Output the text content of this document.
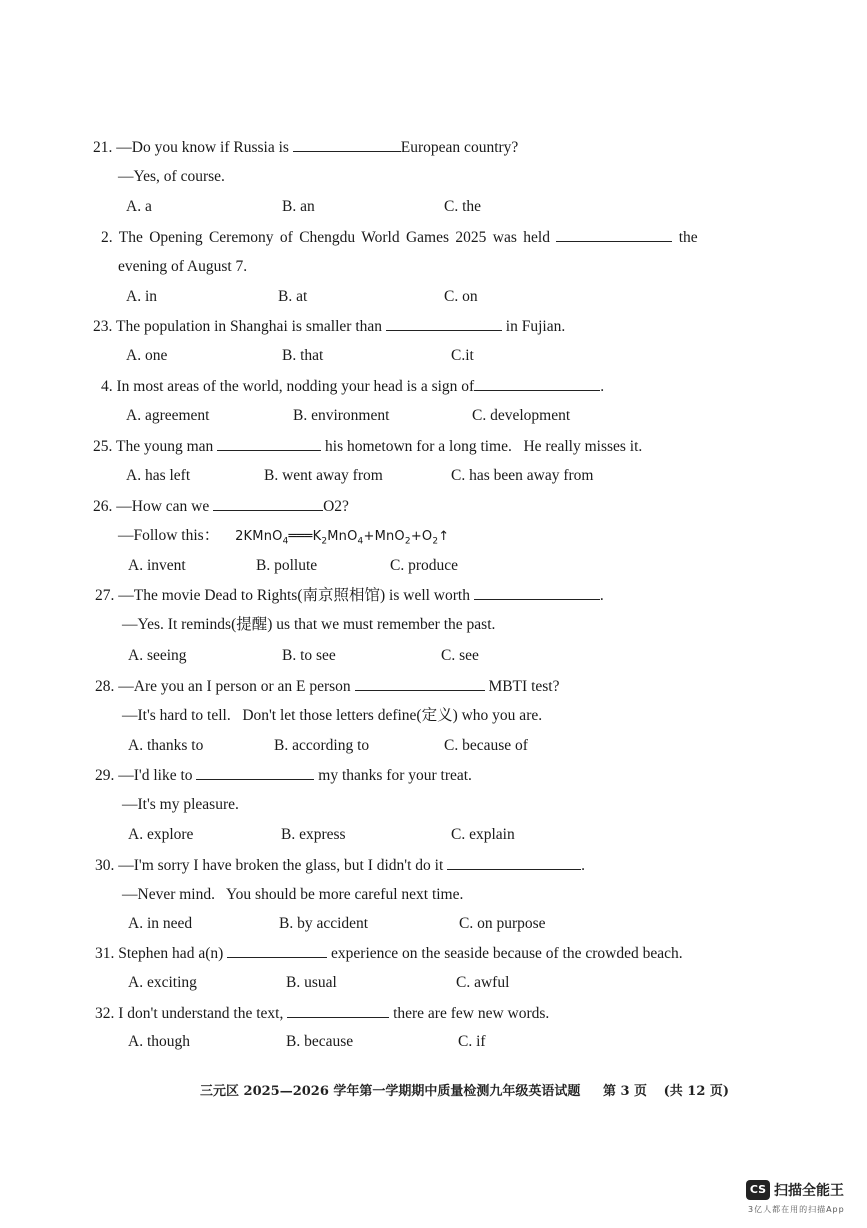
21. —Do you know if Russia is	European country?
—Yes, of course.
A. a	B. an	C. the
2. The Opening Ceremony of Chengdu World Games 2025 was held	the
evening of August 7.
A. in	B. at	C. on
23. The population in Shanghai is smaller than	in Fujian.
A. one	B. that	C.it
4. In most areas of the world, nodding your head is a sign of	.
A. agreement	B. environment	C. development
25. The young man	his hometown for a long time.   He really misses it.
A. has left	B. went away from	C. has been away from
26. —How can we	O2?
—Follow this： $2KMnO_4═══K_2MnO_4+MnO_2+O_2↑$
A. invent	B. pollute	C. produce
27. —The movie Dead to Rights(南京照相馆) is well worth	.
—Yes. It reminds(提醒) us that we must remember the past.
A. seeing	B. to see	C. see
28. —Are you an I person or an E person	MBTI test?
—It's hard to tell.   Don't let those letters define(定义) who you are.
A. thanks to	B. according to	C. because of
29. —I'd like to	my thanks for your treat.
—It's my pleasure.
A. explore	B. express	C. explain
30. —I'm sorry I have broken the glass, but I didn't do it	.
—Never mind.   You should be more careful next time.
A. in need	B. by accident	C. on purpose
31. Stephen had a(n)	experience on the seaside because of the crowded beach.
A. exciting	B. usual	C. awful
32. I don't understand the text,	there are few new words.
A. though	B. because	C. if
三元区 2025—2026 学年第一学期期中质量检测九年级英语试题 第 3 页 (共 12 页)
CS 扫描全能王
3亿人都在用的扫描App
